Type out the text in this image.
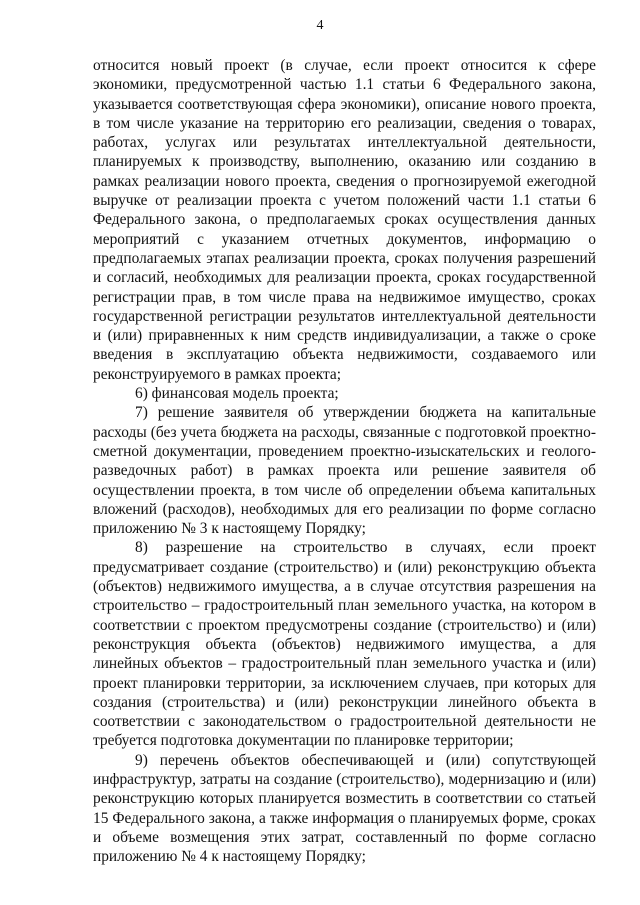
4

относится новый проект (в случае, если проект относится к сфере экономики, предусмотренной частью 1.1 статьи 6 Федерального закона, указывается соответствующая сфера экономики), описание нового проекта, в том числе указание на территорию его реализации, сведения о товарах, работах, услугах или результатах интеллектуальной деятельности, планируемых к производству, выполнению, оказанию или созданию в рамках реализации нового проекта, сведения о прогнозируемой ежегодной выручке от реализации проекта с учетом положений части 1.1 статьи 6 Федерального закона, о предполагаемых сроках осуществления данных мероприятий с указанием отчетных документов, информацию о предполагаемых этапах реализации проекта, сроках получения разрешений и согласий, необходимых для реализации проекта, сроках государственной регистрации прав, в том числе права на недвижимое имущество, сроках государственной регистрации результатов интеллектуальной деятельности и (или) приравненных к ним средств индивидуализации, а также о сроке введения в эксплуатацию объекта недвижимости, создаваемого или реконструируемого в рамках проекта;

6) финансовая модель проекта;

7) решение заявителя об утверждении бюджета на капитальные расходы (без учета бюджета на расходы, связанные с подготовкой проектно-сметной документации, проведением проектно-изыскательских и геолого-разведочных работ) в рамках проекта или решение заявителя об осуществлении проекта, в том числе об определении объема капитальных вложений (расходов), необходимых для его реализации по форме согласно приложению № 3 к настоящему Порядку;

8) разрешение на строительство в случаях, если проект предусматривает создание (строительство) и (или) реконструкцию объекта (объектов) недвижимого имущества, а в случае отсутствия разрешения на строительство – градостроительный план земельного участка, на котором в соответствии с проектом предусмотрены создание (строительство) и (или) реконструкция объекта (объектов) недвижимого имущества, а для линейных объектов – градостроительный план земельного участка и (или) проект планировки территории, за исключением случаев, при которых для создания (строительства) и (или) реконструкции линейного объекта в соответствии с законодательством о градостроительной деятельности не требуется подготовка документации по планировке территории;

9) перечень объектов обеспечивающей и (или) сопутствующей инфраструктур, затраты на создание (строительство), модернизацию и (или) реконструкцию которых планируется возместить в соответствии со статьей 15 Федерального закона, а также информация о планируемых форме, сроках и объеме возмещения этих затрат, составленный по форме согласно приложению № 4 к настоящему Порядку;
